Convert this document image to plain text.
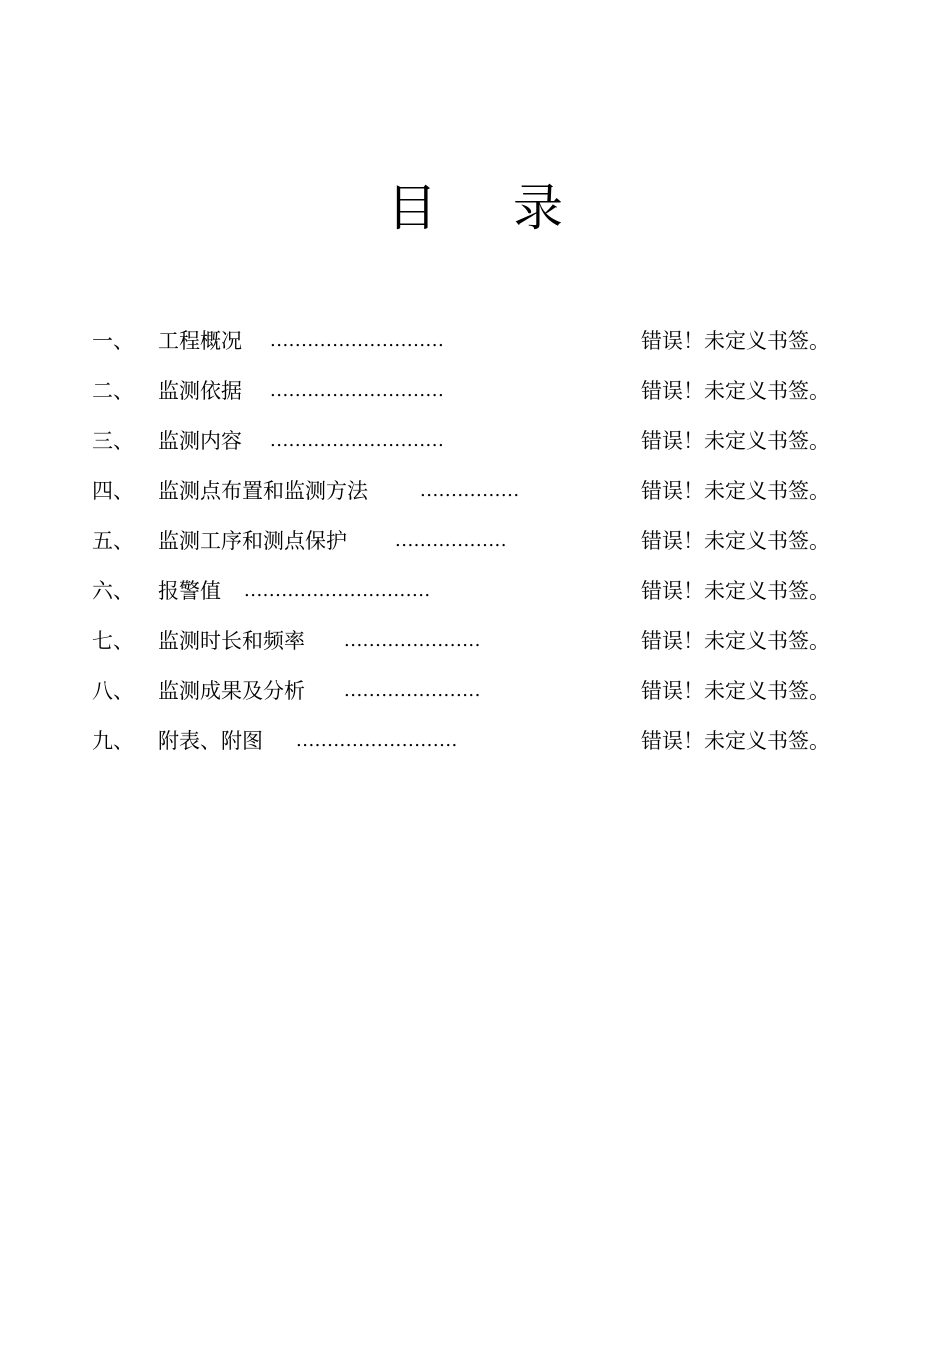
目 录
一、 工程概况 ............................	错误！未定义书签。
二、 监测依据 ............................	错误！未定义书签。
三、 监测内容 ............................	错误！未定义书签。
四、 监测点布置和监测方法	................	错误！未定义书签。
五、 监测工序和测点保护	..................	错误！未定义书签。
六、 报警值 ..............................	错误！未定义书签。
七、 监测时长和频率 ......................	错误！未定义书签。
八、 监测成果及分析 ......................	错误！未定义书签。
九、 附表、附图 ..........................	错误！未定义书签。
